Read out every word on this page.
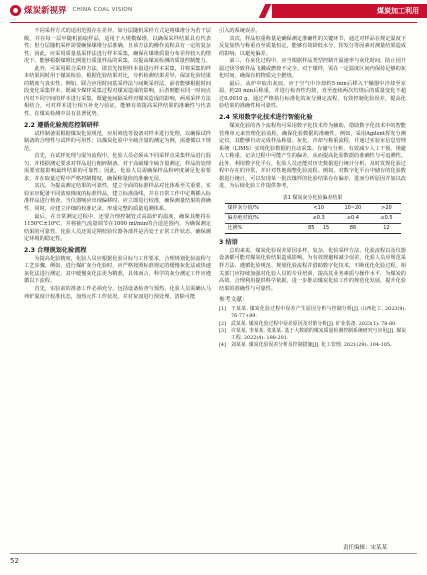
煤炭新视界 CHINA COAL VISION	煤炭加工利用

不同采样方式的适用范围存在差异，如分层随机采样方式是将煤堆分为若干层级，并在每一层中随机抽取样品，适用于大规模煤堆，以确保采样结果具有代表性；但分层随机采样需要确保煤堆分层准确，且该方法的操作流程具有一定的复杂性。因此，应采用质量基采样法进行样本采集，确保在煤堆质量分布差异较大的情况下，能够根据煤堆比例进行质量样品的采集，以提高煤炭检测的质量控制能力。

此外，可采用联合采样方法，即首先按照样本量进行样本采集，并将采集的样本结果同时用于煤炭检验，根据化验结果对比，分析检测结果差异，保证化验结果的精度与真实性。例如，联合应用时间基采样法与间断采样法，前者能够根据时间段变化采集样本，既减少煤样采集过程对煤炭造成的影响，后者则能在同一时间点内对不同空间的样本进行采集，既避免间隔采样对煤炭造成的影响，两项采样方法相结合，可对样本进行相互补充与验证，能够有效提高采样结果的准确性与代表性，在煤炭检测中具有显著优势。

2.2 遵循化验规范控制研样

试样制备需根据煤炭化验规范，应用筛选等设备对样本进行处理，以确保试样制备的合理性与试样的可用性；以煤炭化验中全硫含量的测定为例，需遵循以下规范。

首先，在试样处理与混匀流程中，化验人员必须从不同采样点采集样品进行混匀，并根据测定要求对样品进行粗碎制备。对于高硫煤全硫含量测定，样品的处理需要直接影响最终结果的可靠性；因此，化验人员需确保样品粉碎度满足化验要求，并在取量过程中严格控制精度，确保称量值的准确无误。

其次，为提高测定结果的可靠性，建立全面的标准样品对比体系至关重要。实验室应配备不同浓度梯度的标准样品，建立标准曲线，并在日常工作中定期插入标准样品进行核查。当仪器响应出现偏移时，应立即进行校准，确保测量结果的准确性，同时，应建立详细的校准记录，形成完整的质量追溯体系。

最后，在日常测定过程中，还要合理控制管式高温炉的温度，确保其维持在1150℃±10℃，并将抽气流量调节在1000 ml/min的合适范围内，为确保测定结果的可靠性，化验人员还需定期校验仪器各部件是否处于正常工作状态，确保测定环境的稳定性。

2.3 合理规划化验流程

为提高化验精度，化验人员应根据化验目标与工作要求，合理规划化验流程与工艺步骤。例如，进行煤矿灰分化验时，应严格按照标准规定的缓慢灰化法或快速灰化法进行测定，其中缓慢灰化法更为精准，具体而言，科学的灰分测定工作应遵循以下流程。

首先，实验前的准备工作必须充分，包括设备检查与预热，化验人员需确认马弗炉温度计校准状态，加热元件工作状况，并对灰皿进行预处理，清除可能

引入的系统误差。

其次，样品恒重称量是确保测定准确性的关键环节，通过对样品在规定温度下反复加热与称重直至质量恒定，能够有效降低水分、挥发分等因素对测量结果造成的影响，以避免偏差。

第三，在灰化过程中，应当根据样品类型控制升温速率与灰化时间，防止因升温过快导致样品飞溅或燃烧不完全。对于煤样，需在一定温度区间内保持足够的灰化时间，确保有机物质完全燃烧。

最后，从炉中取出灰皿，应于空气中冷却约5 min后移入干燥器中冷却至室温，约20 min后称重，并进行检查性灼烧，直至连续两次灼烧后的质量变化不超过0.0010 g。通过严格执行标准化的灰分测定流程，有效控制化验误差，提高化验结果的准确性和可靠性。

2.4 采用数字化技术进行智能化验

煤炭化验的各个流程均可采用数字化技术作为辅助，借助数字化技术中的智能管理单元来管理化验流程，确保化验数据的准确性。例如，采用Agilent挥发分测定仪，其能够自动完成样品称量、灰化、冷却与称重流程，并通过实验室信息管理系统（LIMS）实现化验数据的自动采集、存储与分析，有效减少人工干预，规避人工称重、记录过程中可能产生的偏差，从而提高化验数据的准确性与可追溯性。此外，利用数字化平台，化验人员还能对历史数据进行统计分析，及时发现化验过程中存在的异常，并针对性地调整化验流程。例如，对数字化平台中储存的化验数据进行统计，可以发现某一批次煤样的化验结果存在偏差，进而分析原因并加以改进，为后续化验工作提供参考。

表1 煤炭灰分化验偏差结果
煤样灰分值/%	<10		10~20	>20
偏差绝对值/%	≤0.3		≤0.4	≤0.5
比例%	85	15	88	12
3 结语

总的来说，煤炭化验误差原因多样，复杂，化验采样方法、化验流程以及仪器设备都可能对煤炭化验结果造成影响。为有效规避和减少误差，化验人员应规范采样方法、遵循化验规范、规划化验流程并借助数字化技术，不断优化化验过程。相关部门应持续加强对化验人员的专业培训，提高其业务素质与操作水平，为煤炭的高效、合理利用提供科学依据，进一步推动煤炭化验工作的规范化发展，提升化验结果的准确性与可靠性。

参考文献：
[1]	王某某. 煤炭化验过程中误差产生原因分析与控制分析[J]. 山西化工, 2023(9): 76-77+89.
[2]	武某某. 煤炭化验过程中误差原因及对策分析[J]. 矿业装备, 2023(1): 78-80.
[3]	许某某, 李某某, 张某某. 基于大数据的煤炭质量检测控制系统研究与应用[J]. 煤炭工程, 2022(4): 198-201.
[4]	刘某某. 煤炭化验误差分析及控制措施[J]. 化工管理, 2021(29): 104-105.
责任编辑：宋某某
52
